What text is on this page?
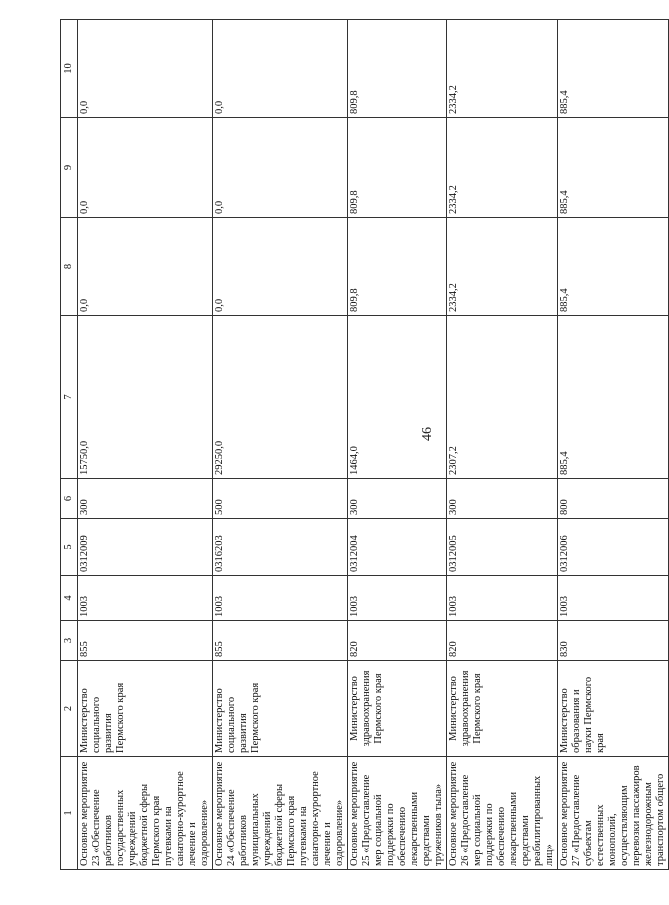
46
1	2	3	4	5	6	7	8	9	10
Основное мероприятие 23 «Обеспечение работников государственных учреждений бюджетной сферы Пермского края путевками на санаторно-курортное лечение и оздоровление»	Министерство социального развития Пермского края	855	1003	0312009	300	15750,0	0,0	0,0	0,0
Основное мероприятие 24 «Обеспечение работников муниципальных учреждений бюджетной сферы Пермского края путевками на санаторно-курортное лечение и оздоровление»	Министерство социального развития Пермского края	855	1003	0316203	500	29250,0	0,0	0,0	0,0
Основное мероприятие 25 «Предоставление мер социальной поддержки по обеспечению лекарственными средствами тружеников тыла»	Министерство здравоохранения Пермского края	820	1003	0312004	300	1464,0	809,8	809,8	809,8
Основное мероприятие 26 «Предоставление мер социальной поддержки по обеспечению лекарственными средствами реабилитированных лиц»	Министерство здравоохранения Пермского края	820	1003	0312005	300	2307,2	2334,2	2334,2	2334,2
Основное мероприятие 27 «Предоставление субъектам естественных монополий, осуществляющим перевозки пассажиров железнодорожным транспортом общего	Министерство образования и науки Пермского края	830	1003	0312006	800	885,4	885,4	885,4	885,4
